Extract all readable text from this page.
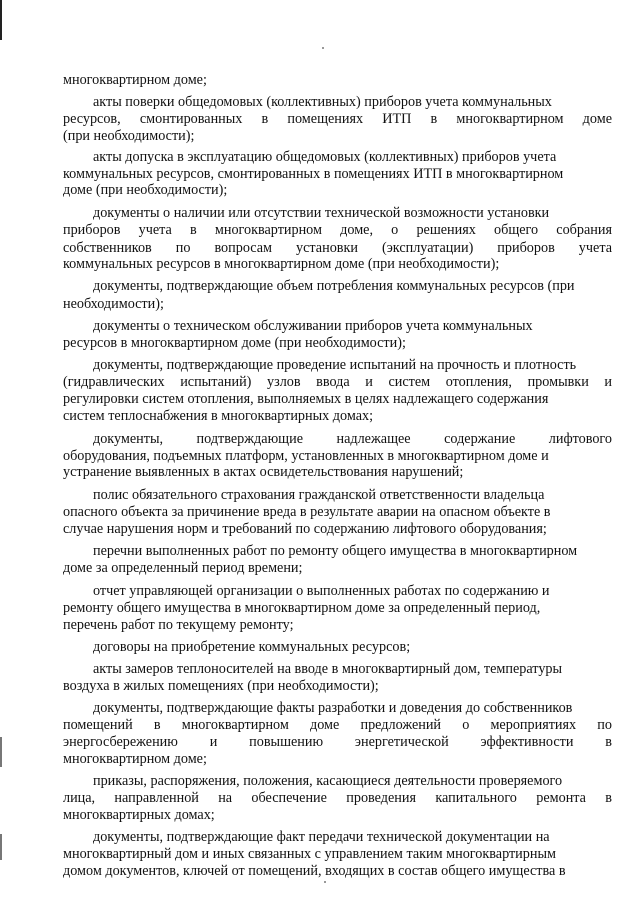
многоквартирном доме;
акты поверки общедомовых (коллективных) приборов учета коммунальных
ресурсов, смонтированных в помещениях ИТП в многоквартирном доме
(при необходимости);
акты допуска в эксплуатацию общедомовых (коллективных) приборов учета
коммунальных ресурсов, смонтированных в помещениях ИТП в многоквартирном
доме (при необходимости);
документы о наличии или отсутствии технической возможности установки
приборов учета в многоквартирном доме, о решениях общего собрания
собственников по вопросам установки (эксплуатации) приборов учета
коммунальных ресурсов в многоквартирном доме (при необходимости);
документы, подтверждающие объем потребления коммунальных ресурсов (при
необходимости);
документы о техническом обслуживании приборов учета коммунальных
ресурсов в многоквартирном доме (при необходимости);
документы, подтверждающие проведение испытаний на прочность и плотность
(гидравлических испытаний) узлов ввода и систем отопления, промывки и
регулировки систем отопления, выполняемых в целях надлежащего содержания
систем теплоснабжения в многоквартирных домах;
документы, подтверждающие надлежащее содержание лифтового
оборудования, подъемных платформ, установленных в многоквартирном доме и
устранение выявленных в актах освидетельствования нарушений;
полис обязательного страхования гражданской ответственности владельца
опасного объекта за причинение вреда в результате аварии на опасном объекте в
случае нарушения норм и требований по содержанию лифтового оборудования;
перечни выполненных работ по ремонту общего имущества в многоквартирном
доме за определенный период времени;
отчет управляющей организации о выполненных работах по содержанию и
ремонту общего имущества в многоквартирном доме за определенный период,
перечень работ по текущему ремонту;
договоры на приобретение коммунальных ресурсов;
акты замеров теплоносителей на вводе в многоквартирный дом, температуры
воздуха в жилых помещениях (при необходимости);
документы, подтверждающие факты разработки и доведения до собственников
помещений в многоквартирном доме предложений о мероприятиях по
энергосбережению и повышению энергетической эффективности в
многоквартирном доме;
приказы, распоряжения, положения, касающиеся деятельности проверяемого
лица, направленной на обеспечение проведения капитального ремонта в
многоквартирных домах;
документы, подтверждающие факт передачи технической документации на
многоквартирный дом и иных связанных с управлением таким многоквартирным
домом документов, ключей от помещений, входящих в состав общего имущества в
